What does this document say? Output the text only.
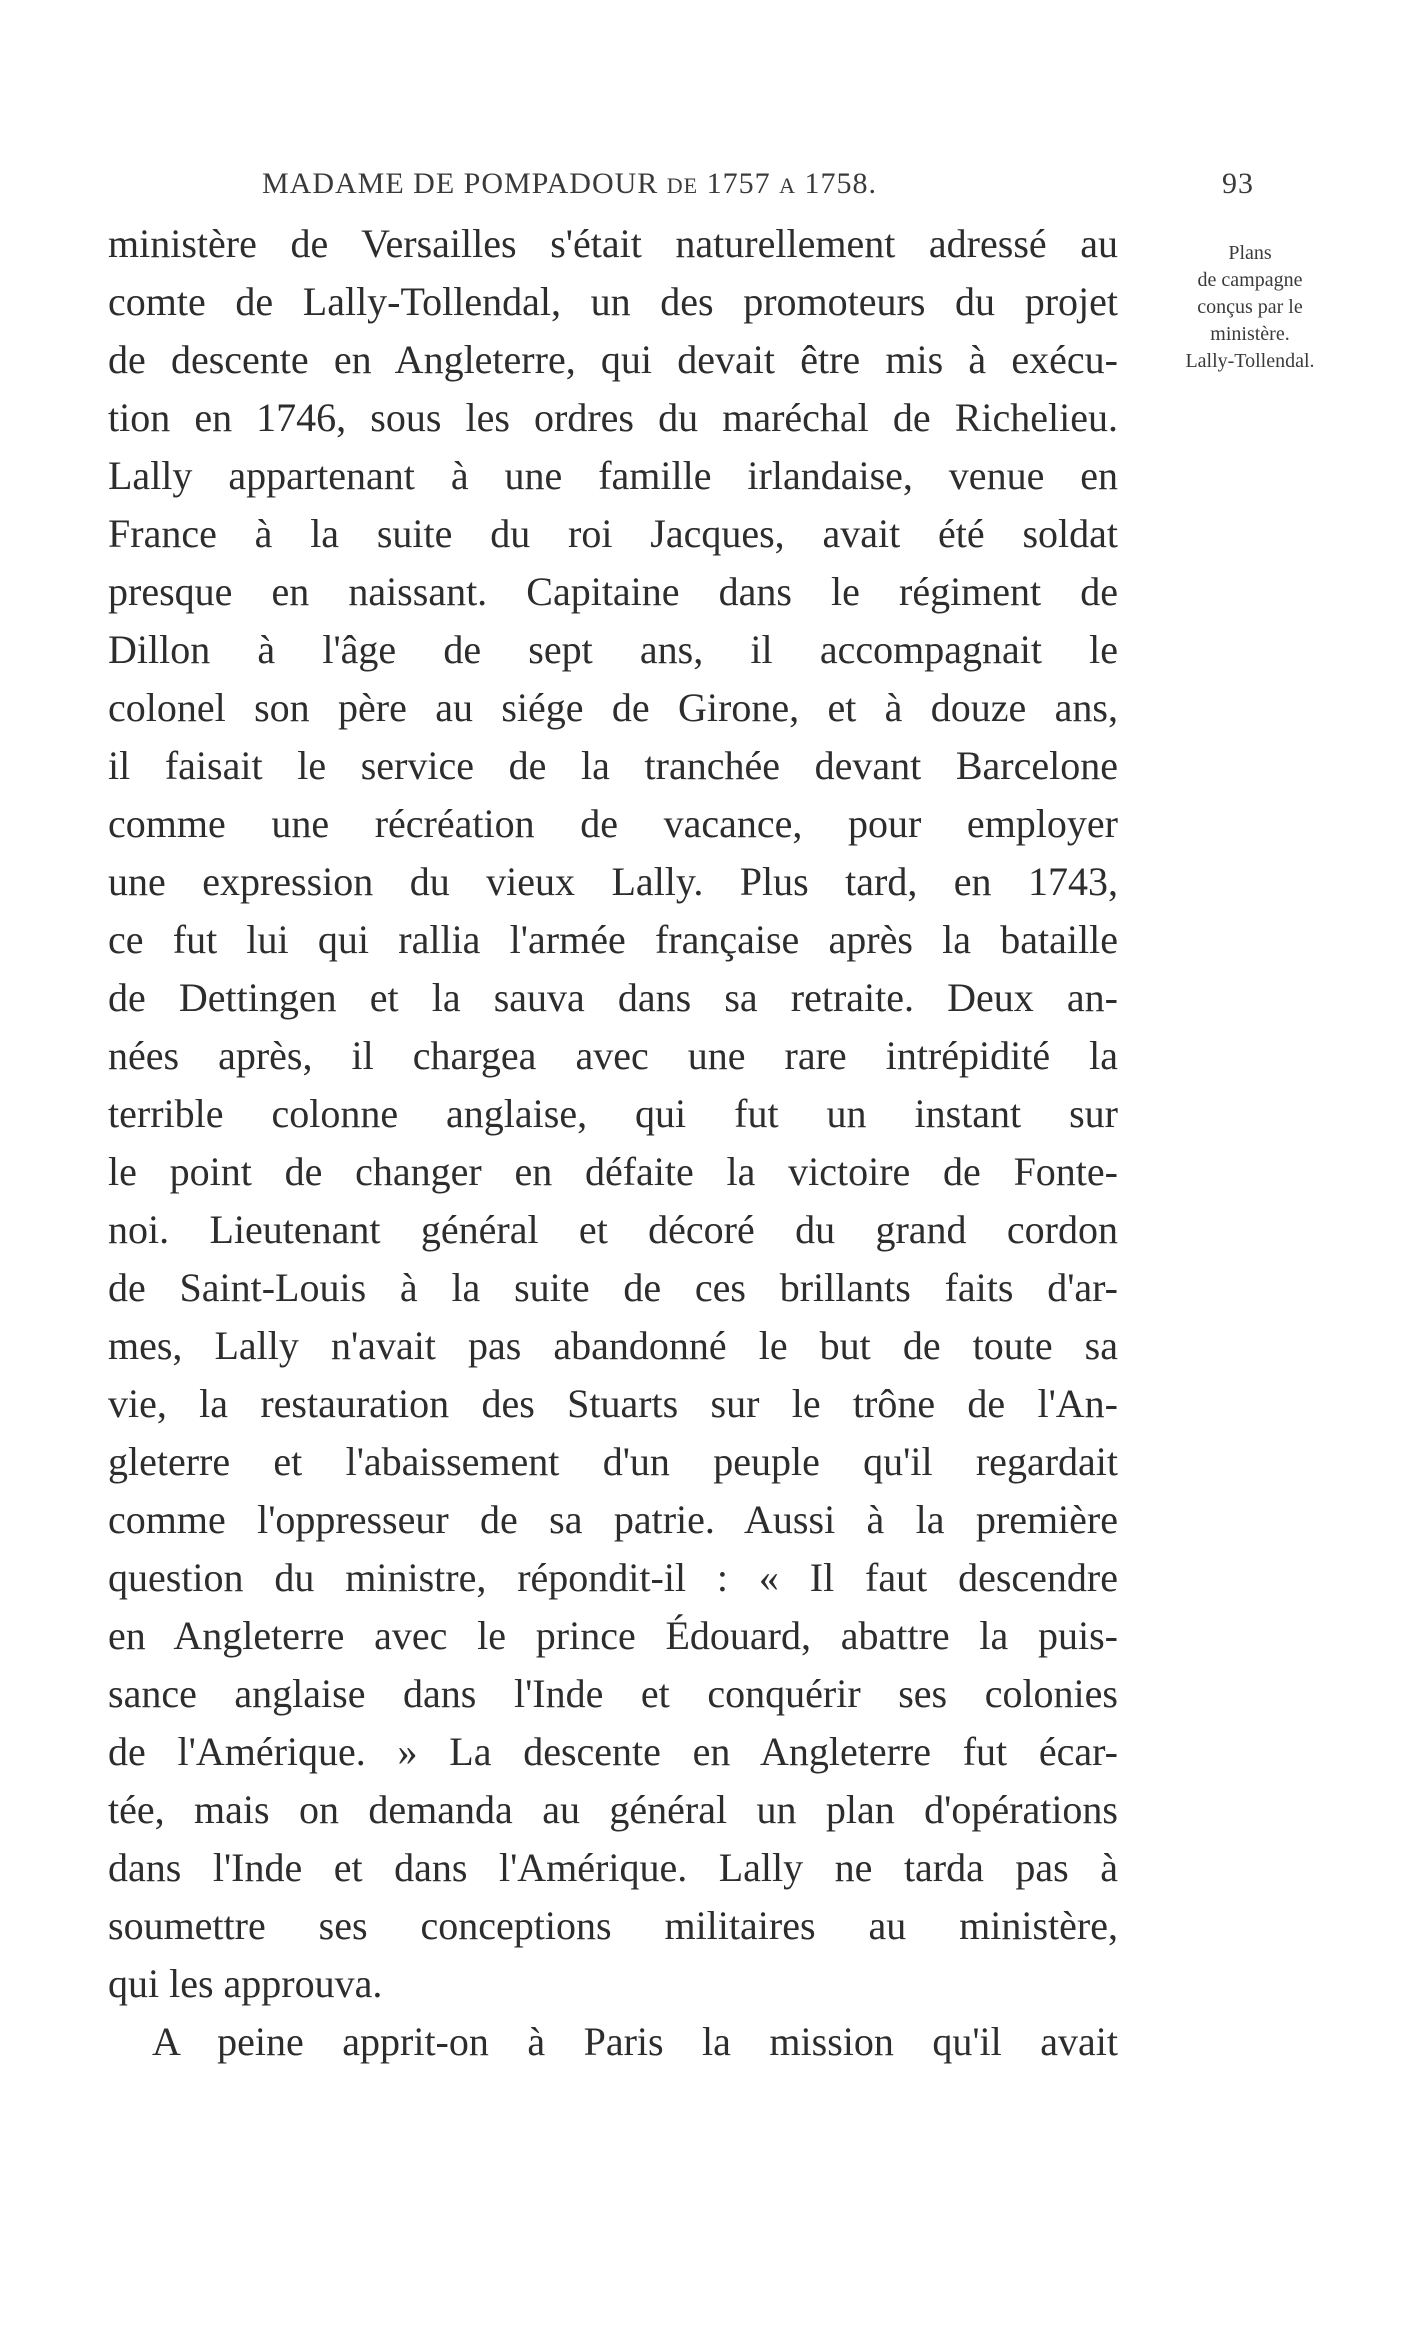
MADAME DE POMPADOUR DE 1757 A 1758.	93
Plans
de campagne
conçus par le
ministère.
Lally-Tollendal.
ministère de Versailles s'était naturellement adressé au
comte de Lally-Tollendal, un des promoteurs du projet
de descente en Angleterre, qui devait être mis à exécu-
tion en 1746, sous les ordres du maréchal de Richelieu.
Lally appartenant à une famille irlandaise, venue en
France à la suite du roi Jacques, avait été soldat
presque en naissant. Capitaine dans le régiment de
Dillon à l'âge de sept ans, il accompagnait le
colonel son père au siége de Girone, et à douze ans,
il faisait le service de la tranchée devant Barcelone
comme une récréation de vacance, pour employer
une expression du vieux Lally. Plus tard, en 1743,
ce fut lui qui rallia l'armée française après la bataille
de Dettingen et la sauva dans sa retraite. Deux an-
nées après, il chargea avec une rare intrépidité la
terrible colonne anglaise, qui fut un instant sur
le point de changer en défaite la victoire de Fonte-
noi. Lieutenant général et décoré du grand cordon
de Saint-Louis à la suite de ces brillants faits d'ar-
mes, Lally n'avait pas abandonné le but de toute sa
vie, la restauration des Stuarts sur le trône de l'An-
gleterre et l'abaissement d'un peuple qu'il regardait
comme l'oppresseur de sa patrie. Aussi à la première
question du ministre, répondit-il : « Il faut descendre
en Angleterre avec le prince Édouard, abattre la puis-
sance anglaise dans l'Inde et conquérir ses colonies
de l'Amérique. » La descente en Angleterre fut écar-
tée, mais on demanda au général un plan d'opérations
dans l'Inde et dans l'Amérique. Lally ne tarda pas à
soumettre ses conceptions militaires au ministère,
qui les approuva.
A peine apprit-on à Paris la mission qu'il avait
